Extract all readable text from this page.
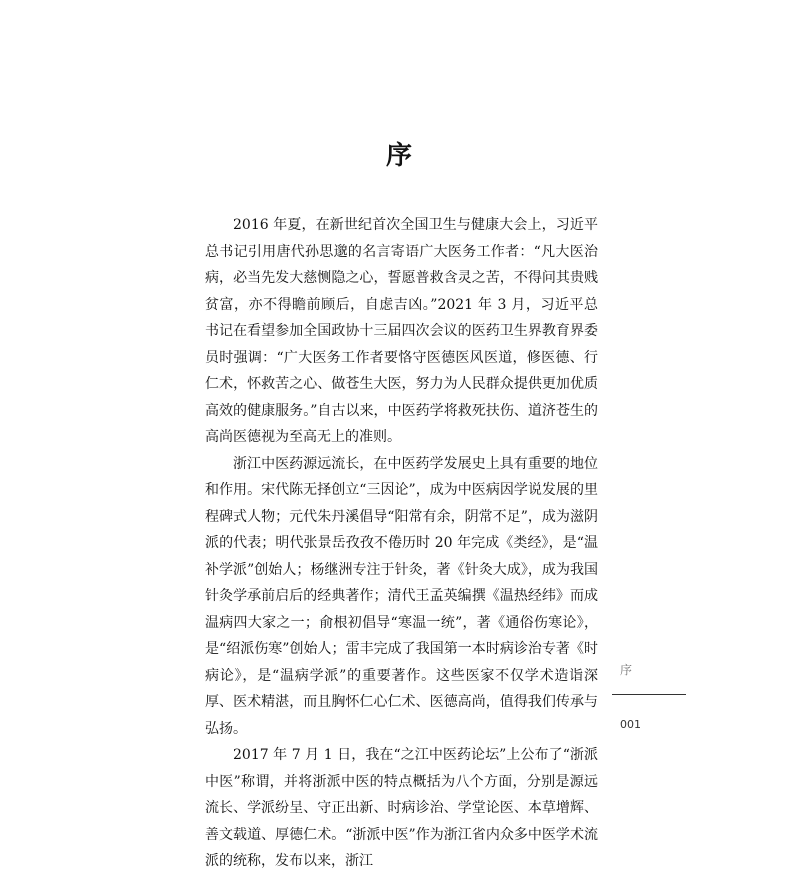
序

2016 年夏，在新世纪首次全国卫生与健康大会上，习近平总书记引用唐代孙思邈的名言寄语广大医务工作者：“凡大医治病，必当先发大慈恻隐之心，誓愿普救含灵之苦，不得问其贵贱贫富，亦不得瞻前顾后，自虑吉凶。”2021 年 3 月，习近平总书记在看望参加全国政协十三届四次会议的医药卫生界教育界委员时强调：“广大医务工作者要恪守医德医风医道，修医德、行仁术，怀救苦之心、做苍生大医，努力为人民群众提供更加优质高效的健康服务。”自古以来，中医药学将救死扶伤、道济苍生的高尚医德视为至高无上的准则。

浙江中医药源远流长，在中医药学发展史上具有重要的地位和作用。宋代陈无择创立“三因论”，成为中医病因学说发展的里程碑式人物；元代朱丹溪倡导“阳常有余，阴常不足”，成为滋阴派的代表；明代张景岳孜孜不倦历时 20 年完成《类经》，是“温补学派”创始人；杨继洲专注于针灸，著《针灸大成》，成为我国针灸学承前启后的经典著作；清代王孟英编撰《温热经纬》而成温病四大家之一；俞根初倡导“寒温一统”，著《通俗伤寒论》，是“绍派伤寒”创始人；雷丰完成了我国第一本时病诊治专著《时病论》，是“温病学派”的重要著作。这些医家不仅学术造诣深厚、医术精湛，而且胸怀仁心仁术、医德高尚，值得我们传承与弘扬。

2017 年 7 月 1 日，我在“之江中医药论坛”上公布了“浙派中医”称谓，并将浙派中医的特点概括为八个方面，分别是源远流长、学派纷呈、守正出新、时病诊治、学堂论医、本草增辉、善文载道、厚德仁术。“浙派中医”作为浙江省内众多中医学术流派的统称，发布以来，浙江

序
001
